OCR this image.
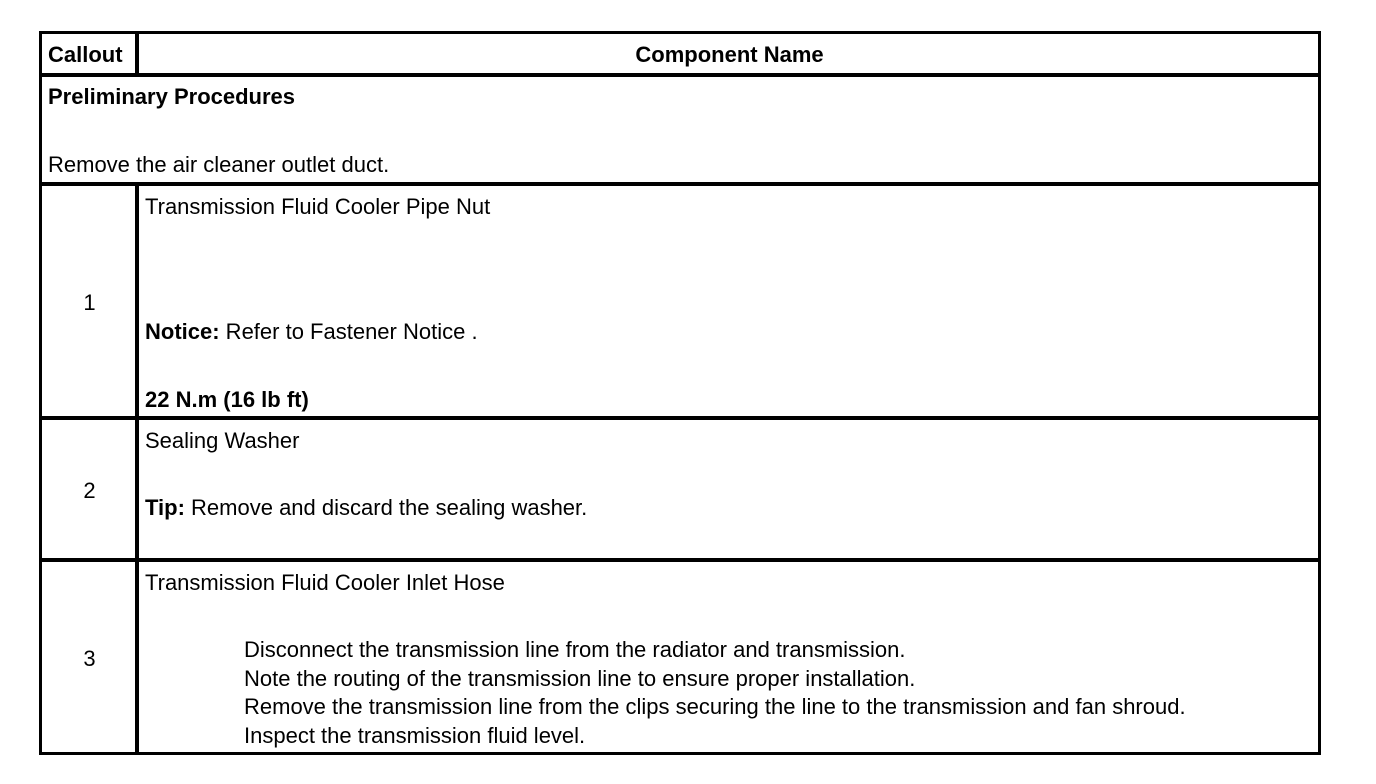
Callout	Component Name
Preliminary Procedures
Remove the air cleaner outlet duct.
1
Transmission Fluid Cooler Pipe Nut
Notice: Refer to Fastener Notice .
22 N.m (16 lb ft)
2
Sealing Washer
Tip: Remove and discard the sealing washer.
3
Transmission Fluid Cooler Inlet Hose
Disconnect the transmission line from the radiator and transmission.
Note the routing of the transmission line to ensure proper installation.
Remove the transmission line from the clips securing the line to the transmission and fan shroud.
Inspect the transmission fluid level.
